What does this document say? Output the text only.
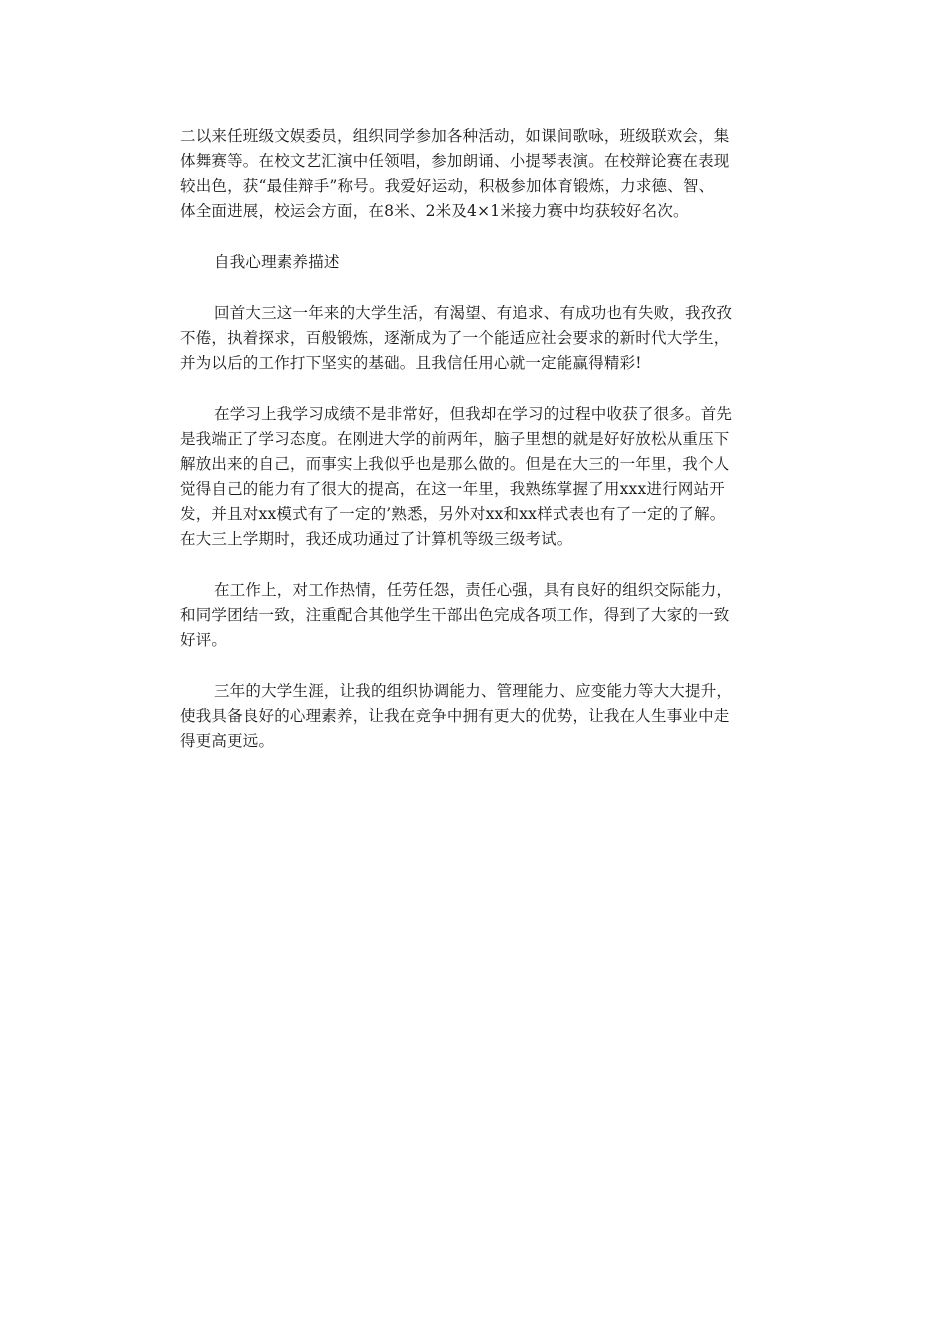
二以来任班级文娱委员，组织同学参加各种活动，如课间歌咏，班级联欢会，集
体舞赛等。在校文艺汇演中任领唱，参加朗诵、小提琴表演。在校辩论赛在表现
较出色，获“最佳辩手”称号。我爱好运动，积极参加体育锻炼，力求德、智、
体全面进展，校运会方面，在8米、2米及4×1米接力赛中均获较好名次。

自我心理素养描述

回首大三这一年来的大学生活，有渴望、有追求、有成功也有失败，我孜孜
不倦，执着探求，百般锻炼，逐渐成为了一个能适应社会要求的新时代大学生，
并为以后的工作打下坚实的基础。且我信任用心就一定能赢得精彩!

在学习上我学习成绩不是非常好，但我却在学习的过程中收获了很多。首先
是我端正了学习态度。在刚进大学的前两年，脑子里想的就是好好放松从重压下
解放出来的自己，而事实上我似乎也是那么做的。但是在大三的一年里，我个人
觉得自己的能力有了很大的提高，在这一年里，我熟练掌握了用xxx进行网站开
发，并且对xx模式有了一定的’熟悉，另外对xx和xx样式表也有了一定的了解。
在大三上学期时，我还成功通过了计算机等级三级考试。

在工作上，对工作热情，任劳任怨，责任心强，具有良好的组织交际能力，
和同学团结一致，注重配合其他学生干部出色完成各项工作，得到了大家的一致
好评。

三年的大学生涯，让我的组织协调能力、管理能力、应变能力等大大提升，
使我具备良好的心理素养，让我在竞争中拥有更大的优势，让我在人生事业中走
得更高更远。
